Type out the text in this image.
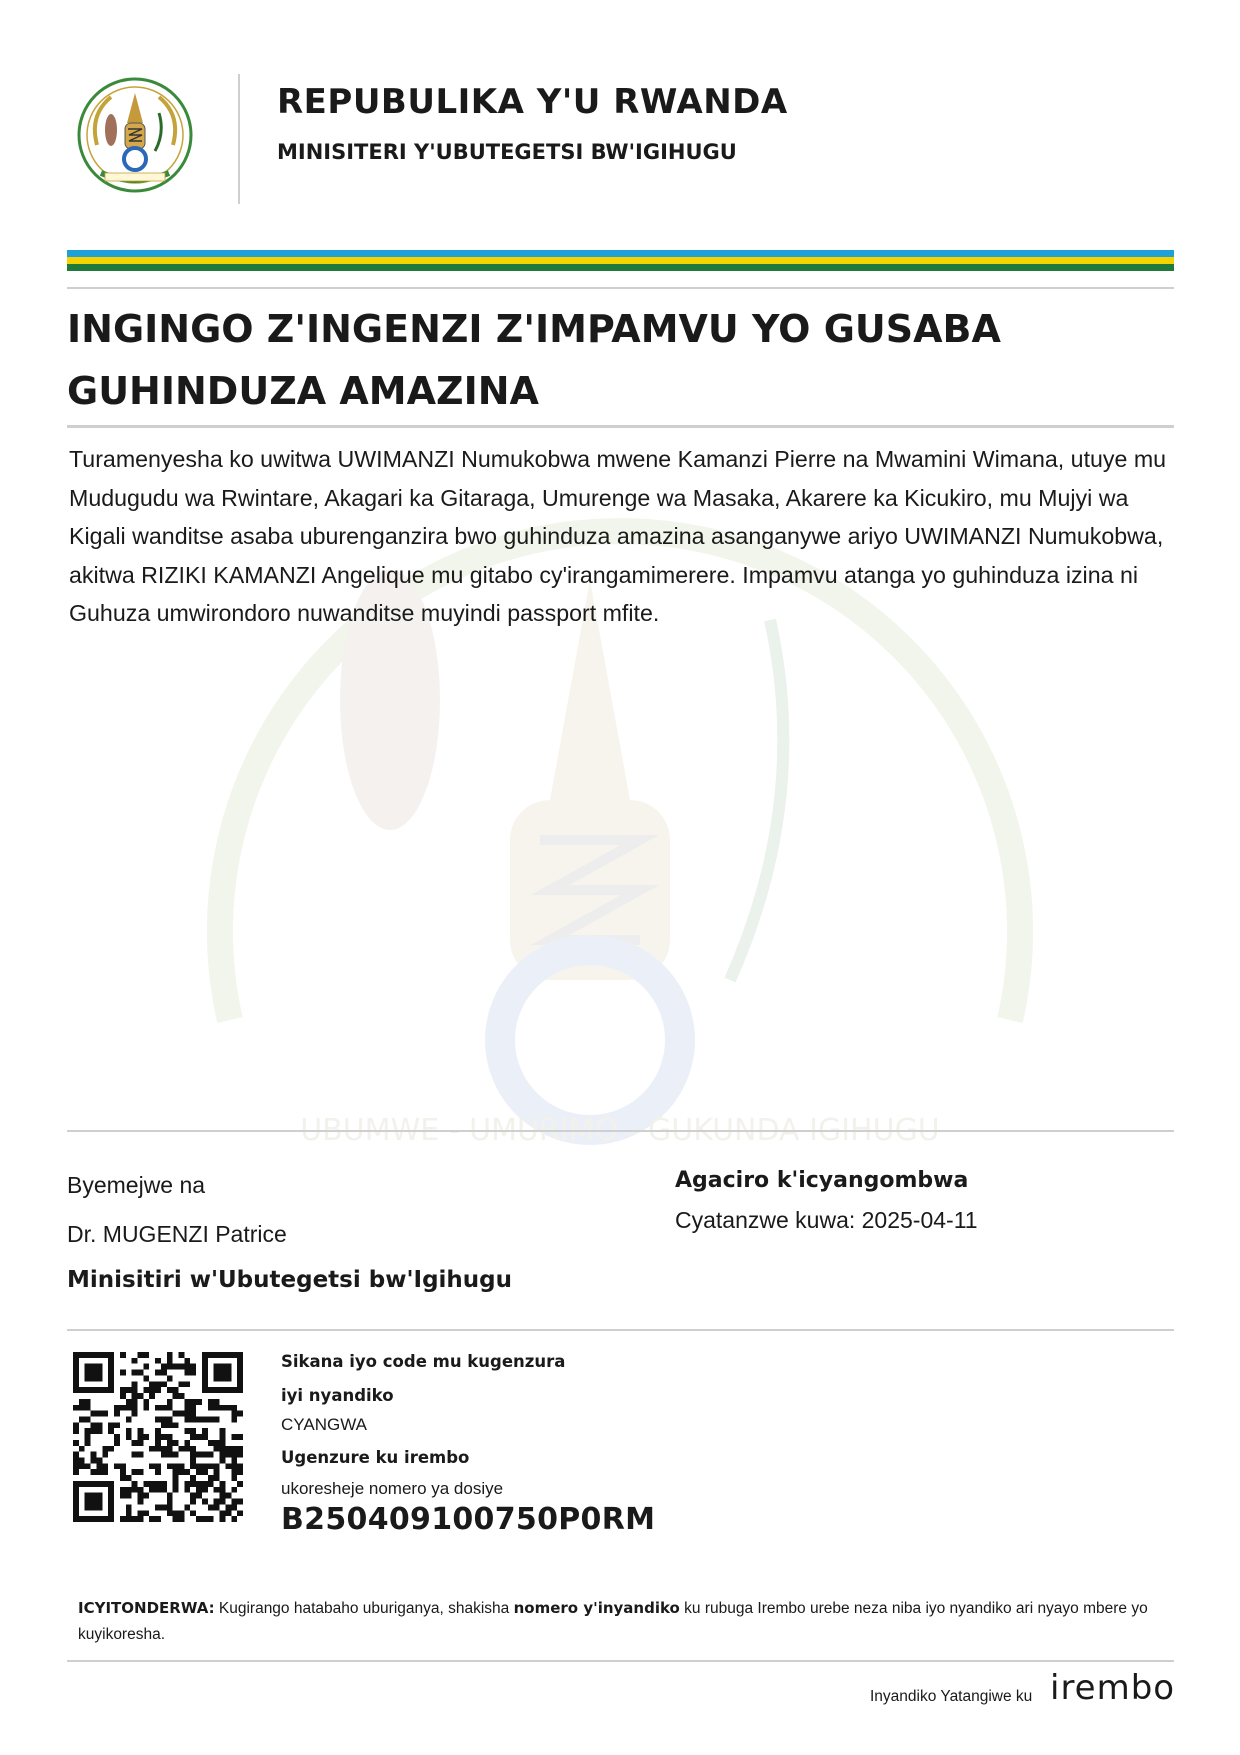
UBUMWE - UMURIMO - GUKUNDA IGIHUGU
REPUBULIKA Y'U RWANDA
MINISITERI Y'UBUTEGETSI BW'IGIHUGU
INGINGO Z'INGENZI Z'IMPAMVU YO GUSABA GUHINDUZA AMAZINA

Turamenyesha ko uwitwa UWIMANZI Numukobwa mwene Kamanzi Pierre na Mwamini Wimana, utuye mu Mudugudu wa Rwintare, Akagari ka Gitaraga, Umurenge wa Masaka, Akarere ka Kicukiro, mu Mujyi wa Kigali wanditse asaba uburenganzira bwo guhinduza amazina asanganywe ariyo UWIMANZI Numukobwa, akitwa RIZIKI KAMANZI Angelique mu gitabo cy'irangamimerere. Impamvu atanga yo guhinduza izina ni Guhuza umwirondoro nuwanditse muyindi passport mfite.

Byemejwe na
Dr. MUGENZI Patrice
Minisitiri w'Ubutegetsi bw'Igihugu
Agaciro k'icyangombwa
Cyatanzwe kuwa: 2025-04-11
Sikana iyo code mu kugenzura
iyi nyandiko
CYANGWA
Ugenzure ku irembo
ukoresheje nomero ya dosiye
B250409100750P0RM

ICYITONDERWA: Kugirango hatabaho uburiganya, shakisha nomero y'inyandiko ku rubuga Irembo urebe neza niba iyo nyandiko ari nyayo mbere yo kuyikoresha.

Inyandiko Yatangiwe ku irembo
